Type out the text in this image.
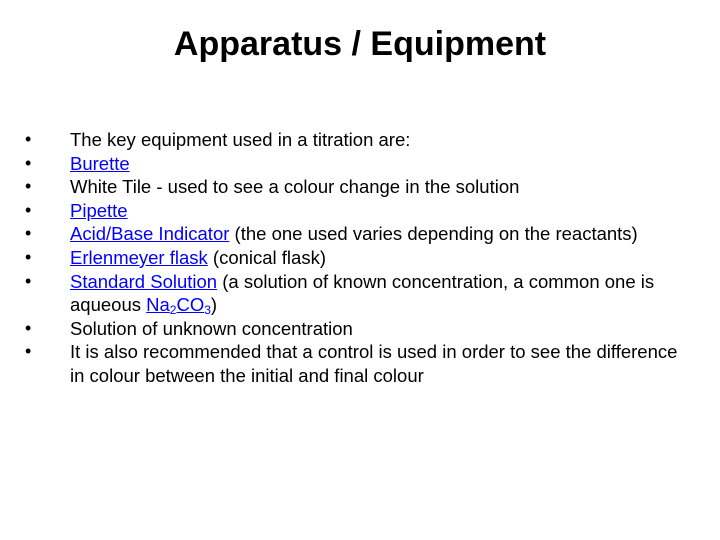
Apparatus / Equipment
•	The key equipment used in a titration are:
•	Burette
•	White Tile - used to see a colour change in the solution
•	Pipette
•	Acid/Base Indicator (the one used varies depending on the reactants)
•	Erlenmeyer flask (conical flask)
•	Standard Solution (a solution of known concentration, a common one is aqueous $Na_2CO_3$)
•	Solution of unknown concentration
•	It is also recommended that a control is used in order to see the difference in colour between the initial and final colour
